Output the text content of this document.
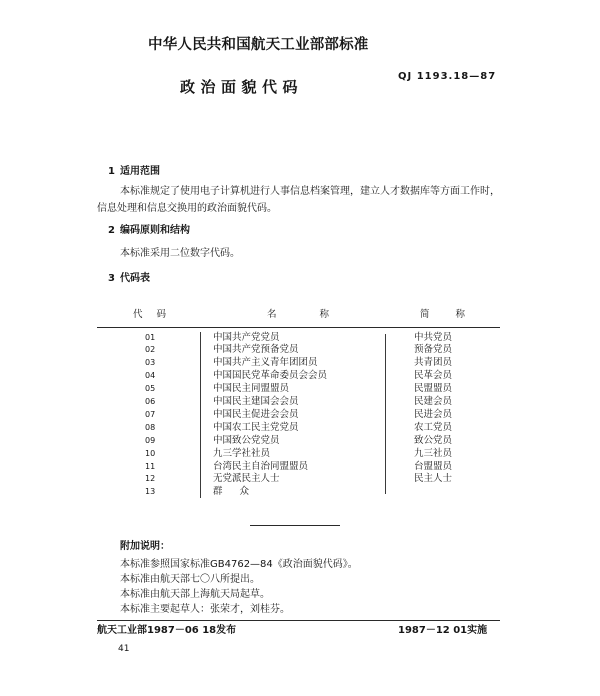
中华人民共和国航天工业部部标准
QJ 1193.18—87
政治面貌代码
1 适用范围
本标准规定了使用电子计算机进行人事信息档案管理，建立人才数据库等方面工作时，
信息处理和信息交换用的政治面貌代码。
2 编码原则和结构
本标准采用二位数字代码。
3 代码表
代 码	名 称	简 称
01	中国共产党党员	中共党员
02	中国共产党预备党员	预备党员
03	中国共产主义青年团团员	共青团员
04	中国国民党革命委员会会员	民革会员
05	中国民主同盟盟员	民盟盟员
06	中国民主建国会会员	民建会员
07	中国民主促进会会员	民进会员
08	中国农工民主党党员	农工党员
09	中国致公党党员	致公党员
10	九三学社社员	九三社员
11	台湾民主自治同盟盟员	台盟盟员
12	无党派民主人士	民主人士
13	群 众
附加说明：
本标准参照国家标准GB4762—84《政治面貌代码》。
本标准由航天部七〇八所提出。
本标准由航天部上海航天局起草。
本标准主要起草人：张荣才，刘桂芬。
航天工业部1987－06 18发布	1987－12 01实施
41
